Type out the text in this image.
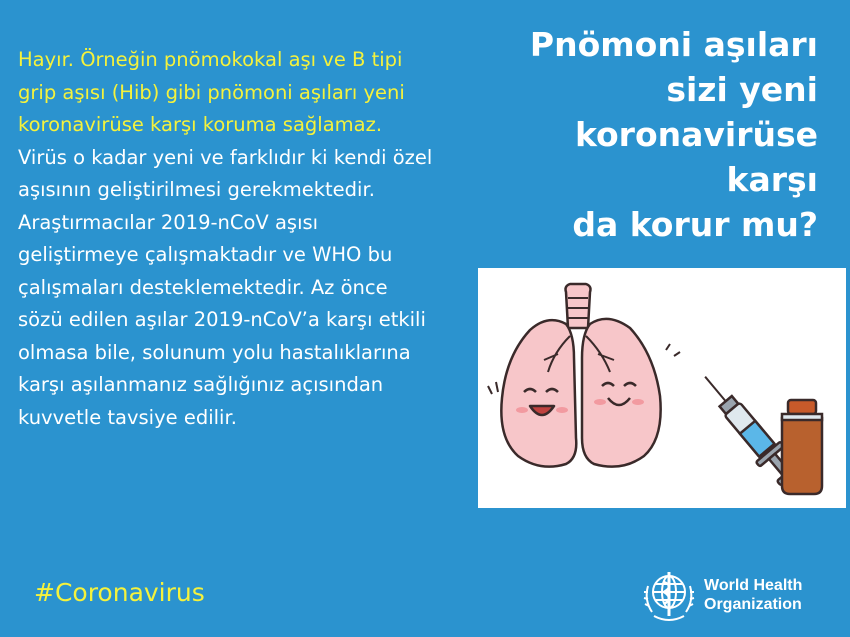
Pnömoni aşıları
sizi yeni
koronavirüse karşı
da korur mu?
Hayır. Örneğin pnömokokal aşı ve B tipi grip aşısı (Hib) gibi pnömoni aşıları yeni koronavirüse karşı koruma sağlamaz.
Virüs o kadar yeni ve farklıdır ki kendi özel aşısının geliştirilmesi gerekmektedir. Araştırmacılar 2019-nCoV aşısı geliştirmeye çalışmaktadır ve WHO bu çalışmaları desteklemektedir. Az önce sözü edilen aşılar 2019-nCoV’a karşı etkili olmasa bile, solunum yolu hastalıklarına karşı aşılanmanız sağlığınız açısından kuvvetle tavsiye edilir.
#Coronavirus	World Health
Organization
